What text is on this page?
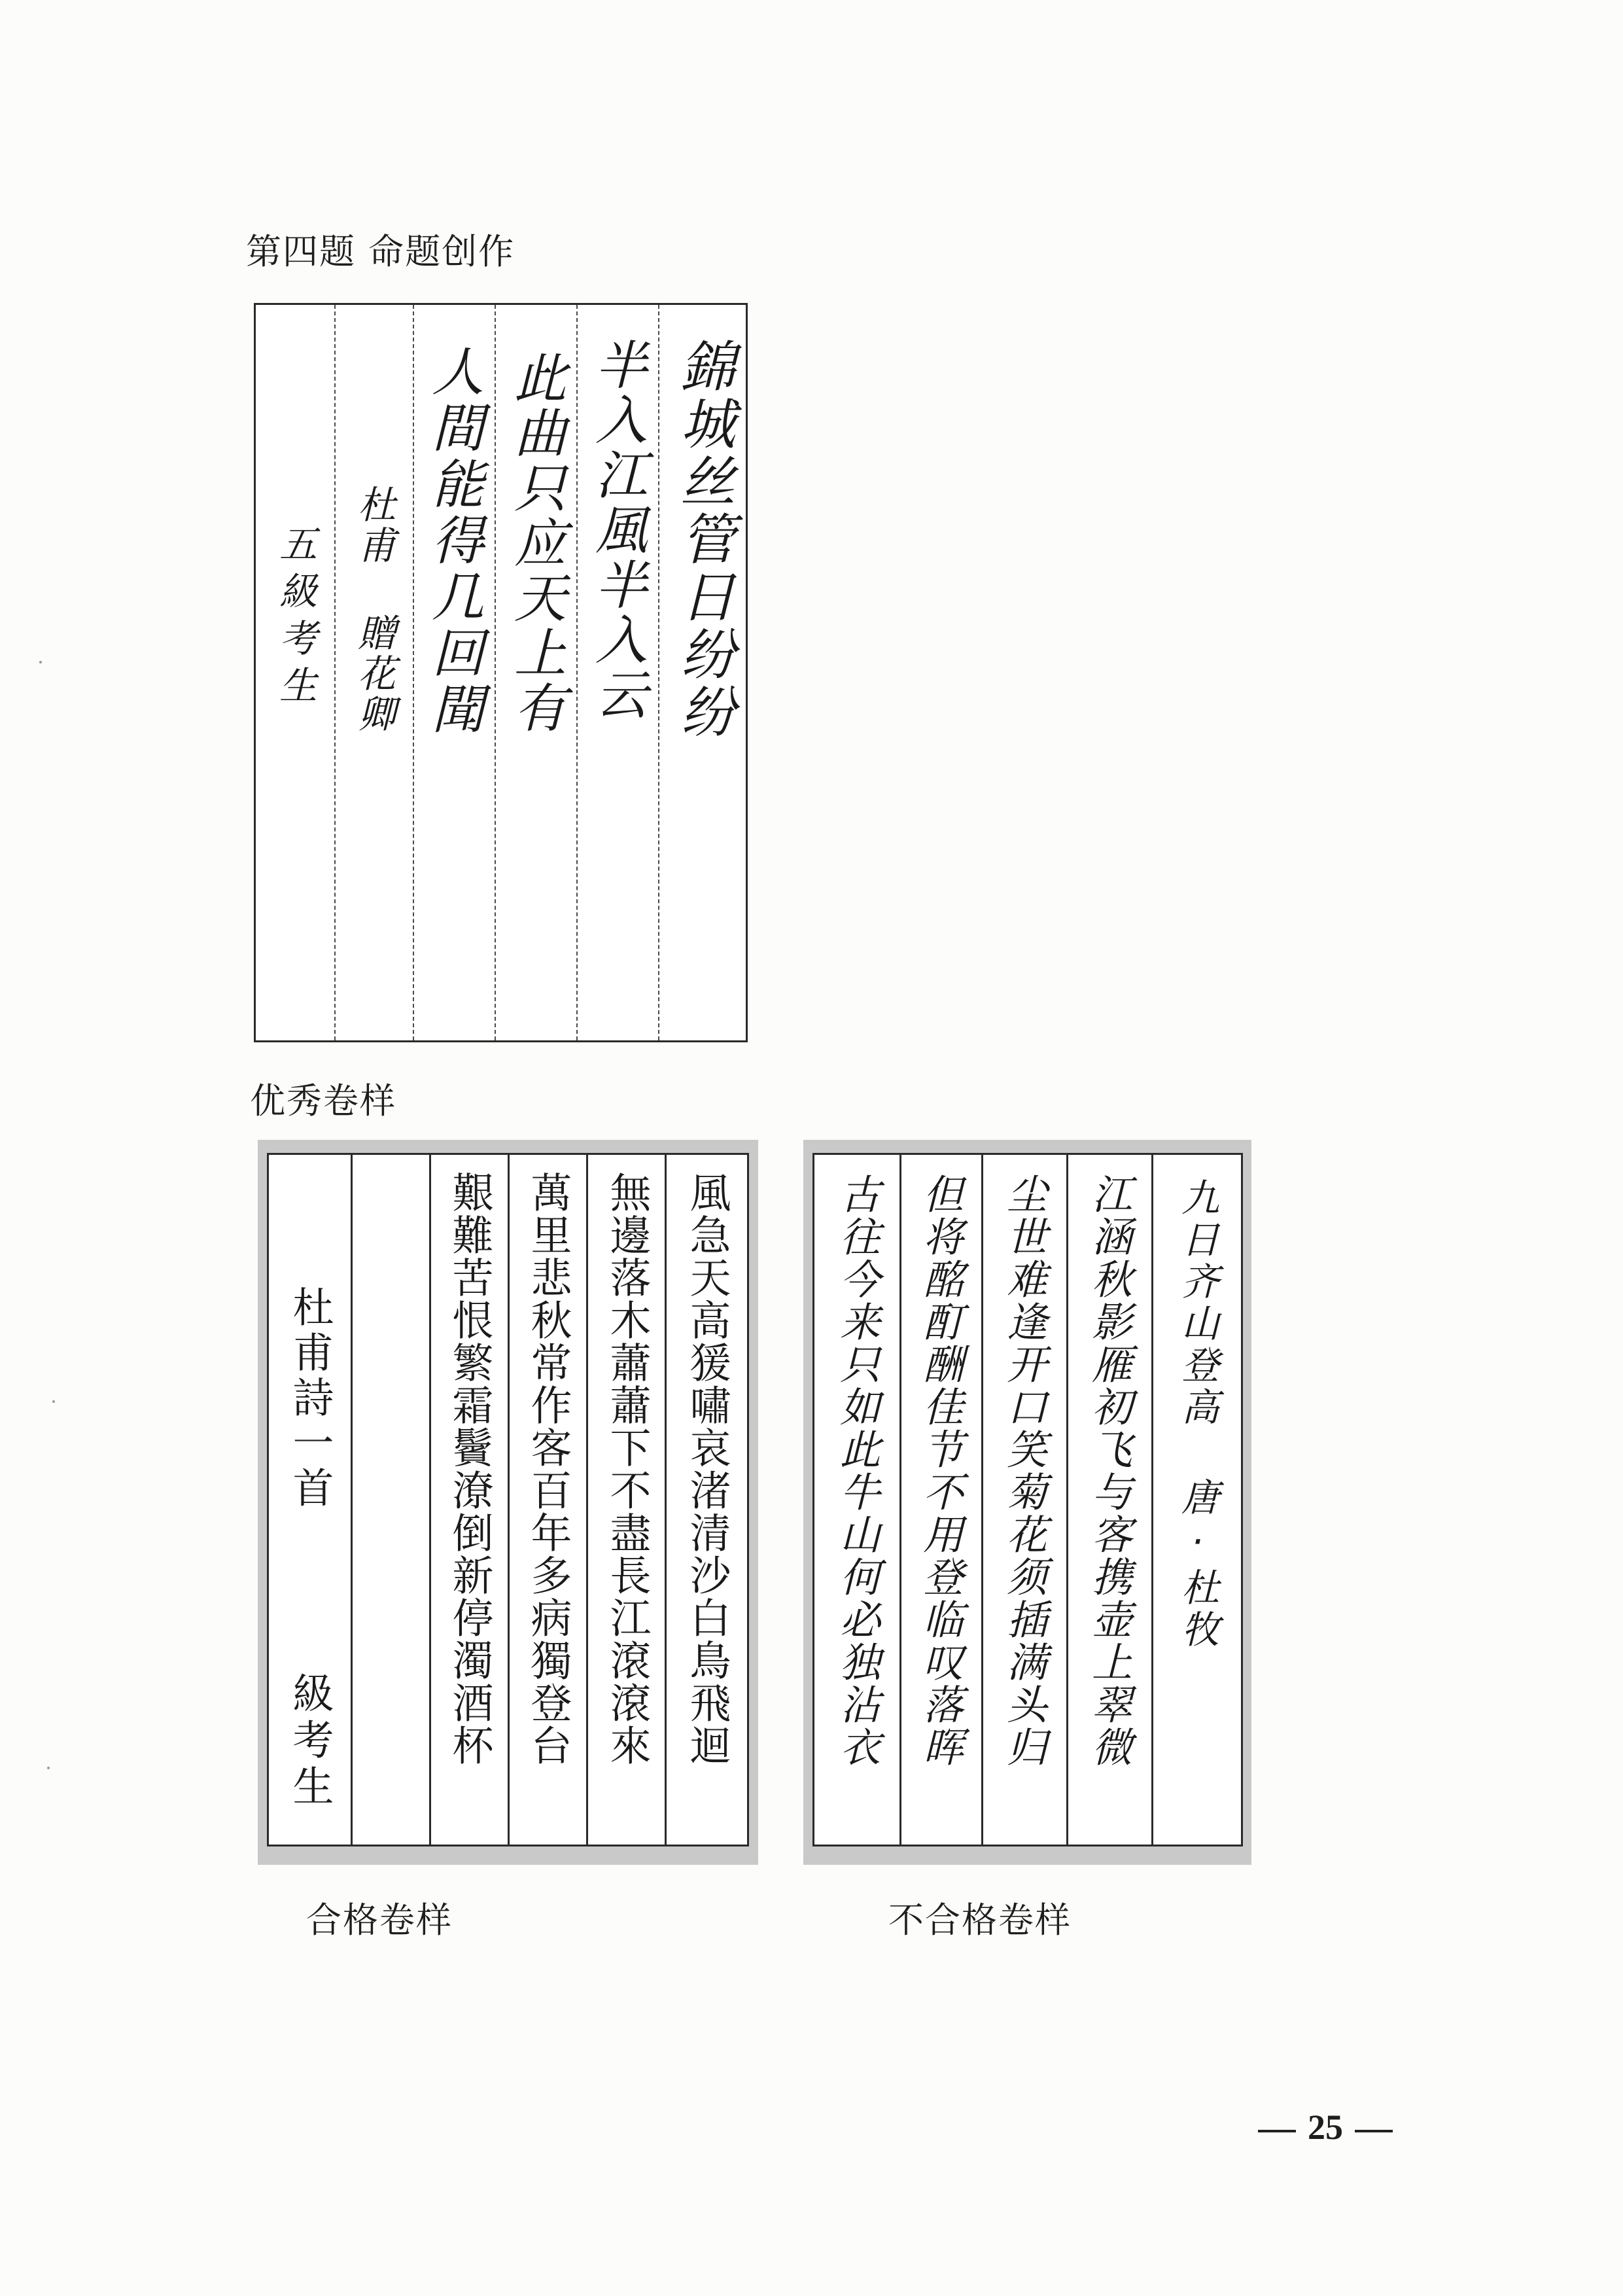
第四题 命题创作
錦城丝管日纷纷
半入江風半入云
此曲只应天上有
人間能得几回聞
杜甫 贈花卿
五級考生
优秀卷样
風急天高猨嘯哀渚清沙白鳥飛迴
無邊落木蕭蕭下不盡長江滾滾來
萬里悲秋常作客百年多病獨登台
艱難苦恨繁霜鬢潦倒新停濁酒杯
杜甫詩一首
級考生
合格卷样
九日齐山登高 唐·杜牧
江涵秋影雁初飞与客携壶上翠微
尘世难逢开口笑菊花须插满头归
但将酩酊酬佳节不用登临叹落晖
古往今来只如此牛山何必独沾衣
不合格卷样
25
